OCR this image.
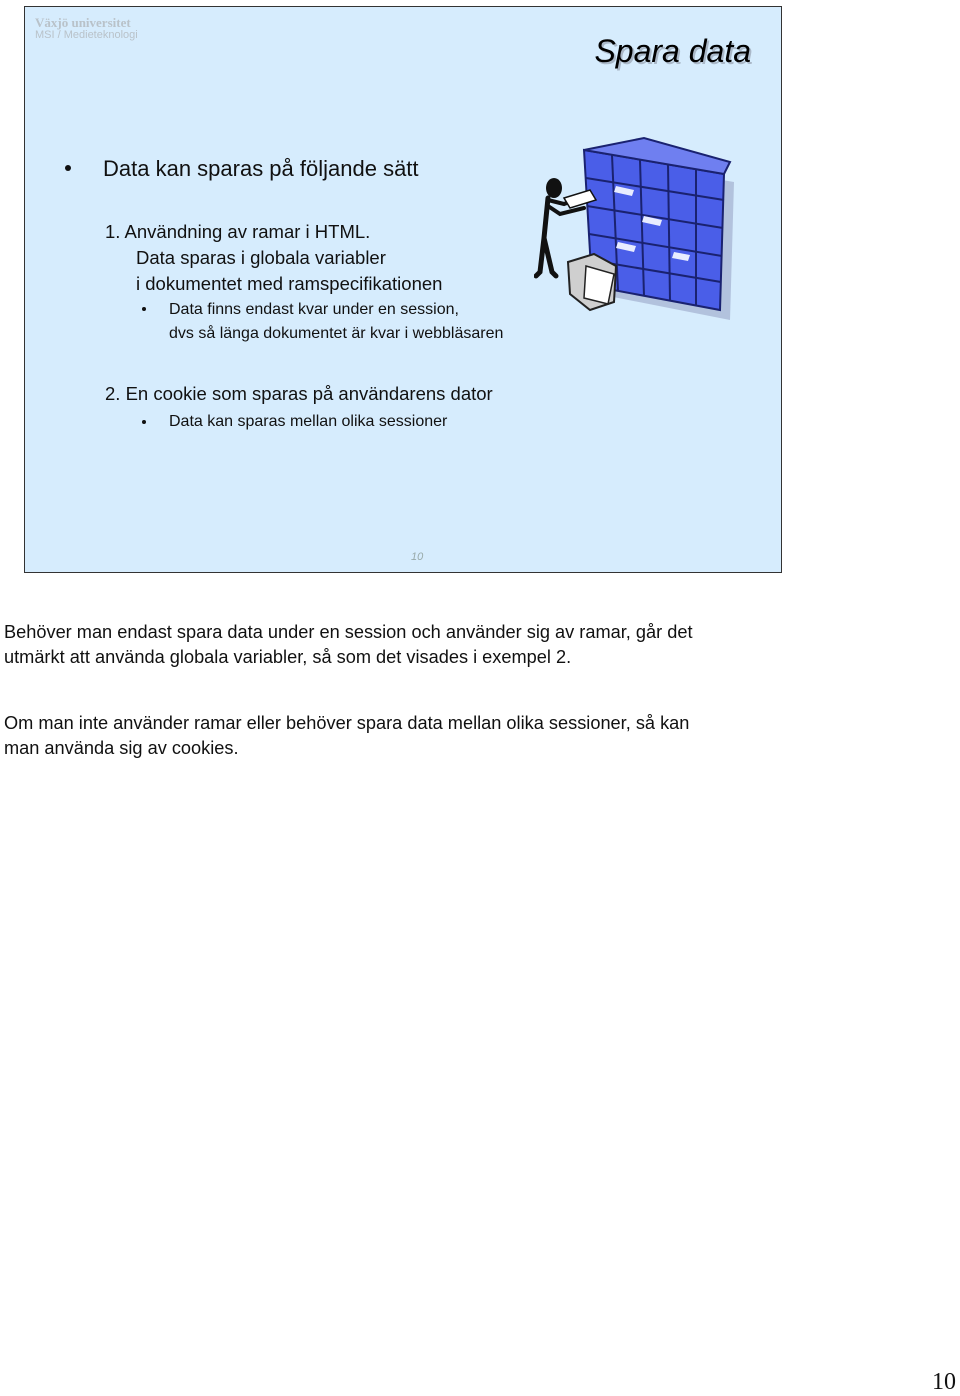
Växjö universitet
MSI / Medieteknologi	Spara data
Data kan sparas på följande sätt
1. Användning av ramar i HTML.
Data sparas i globala variabler
i dokumentet med ramspecifikationen
Data finns endast kvar under en session,
dvs så länga dokumentet är kvar i webbläsaren
2. En cookie som sparas på användarens dator
Data kan sparas mellan olika sessioner
10
Behöver man endast spara data under en session och använder sig av ramar, går det
utmärkt att använda globala variabler, så som det visades i exempel 2.
Om man inte använder ramar eller behöver spara data mellan olika sessioner, så kan
man använda sig av cookies.
10
